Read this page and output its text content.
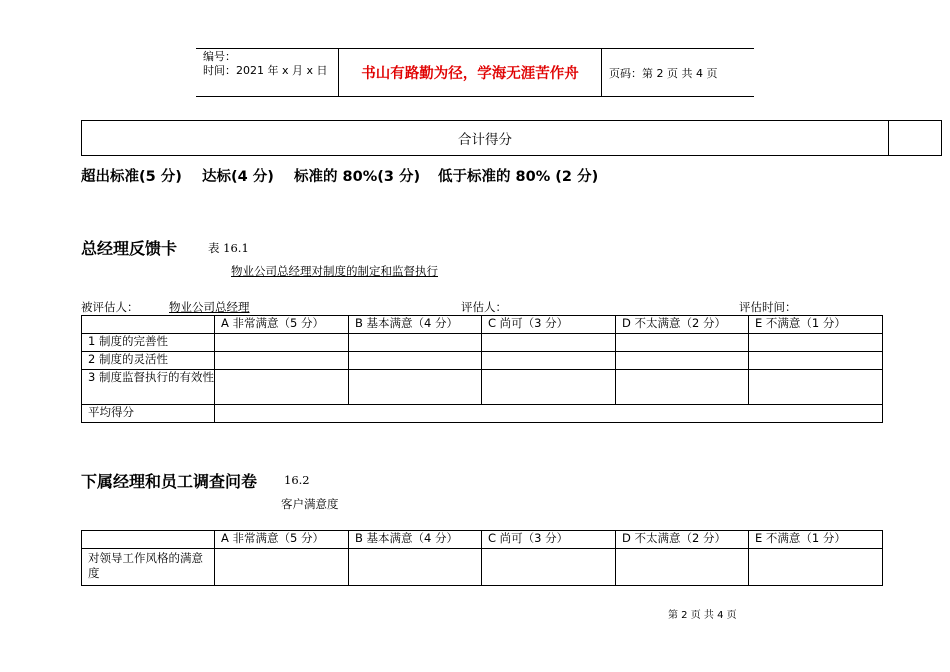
编号：
时间：2021 年 x 月 x 日	书山有路勤为径，学海无涯苦作舟	页码：第 2 页 共 4 页
合计得分
超出标准(5 分) 达标(4 分) 标准的 80%(3 分) 低于标准的 80% (2 分)
总经理反馈卡	表 16.1
物业公司总经理对制度的制定和监督执行
被评估人：	物业公司总经理	评估人：	评估时间：
	A 非常满意（5 分）	B 基本满意（4 分）	C 尚可（3 分）	D 不太满意（2 分）	E 不满意（1 分）
1 制度的完善性					
2 制度的灵活性					
3 制度监督执行的有效性					
平均得分					
下属经理和员工调查问卷 16.2
客户满意度
	A 非常满意（5 分）	B 基本满意（4 分）	C 尚可（3 分）	D 不太满意（2 分）	E 不满意（1 分）
对领导工作风格的满意度					
第 2 页 共 4 页
